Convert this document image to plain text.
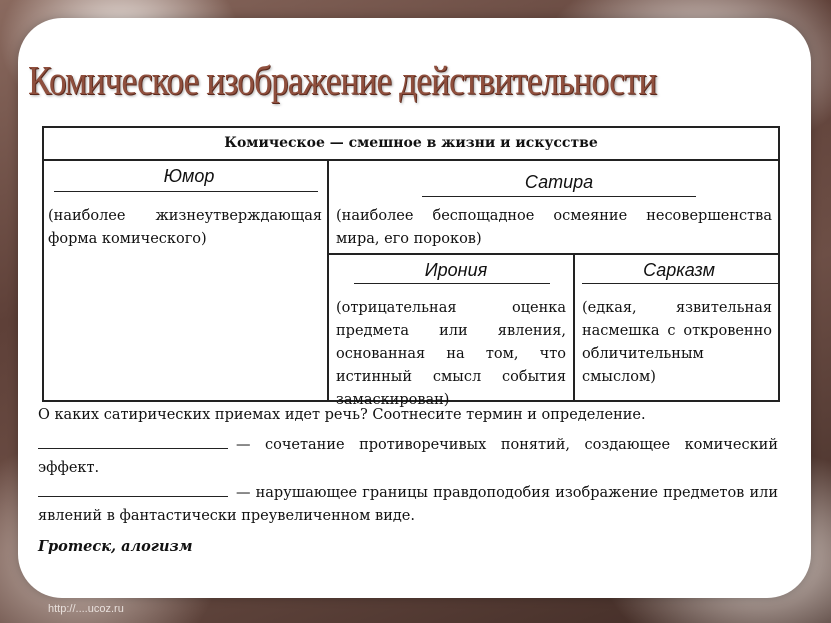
Комическое изображение действительности
Комическое — смешное в жизни и искусстве
Юмор
(наиболее жизнеутверждающая форма комического)
Сатира
(наиболее беспощадное осмеяние несовершенства мира, его пороков)
Ирония
(отрицательная оценка предмета или явления, основанная на том, что истинный смысл события замаскирован)
Сарказм
(едкая, язвительная насмешка с откровенно обличительным смыслом)
О каких сатирических приемах идет речь? Соотнесите термин и определение.
— сочетание противоречивых понятий, создающее комический эффект.
— нарушающее границы правдоподобия изображение предметов или явлений в фантастически преувеличенном виде.
Гротеск, алогизм
http://....ucoz.ru
